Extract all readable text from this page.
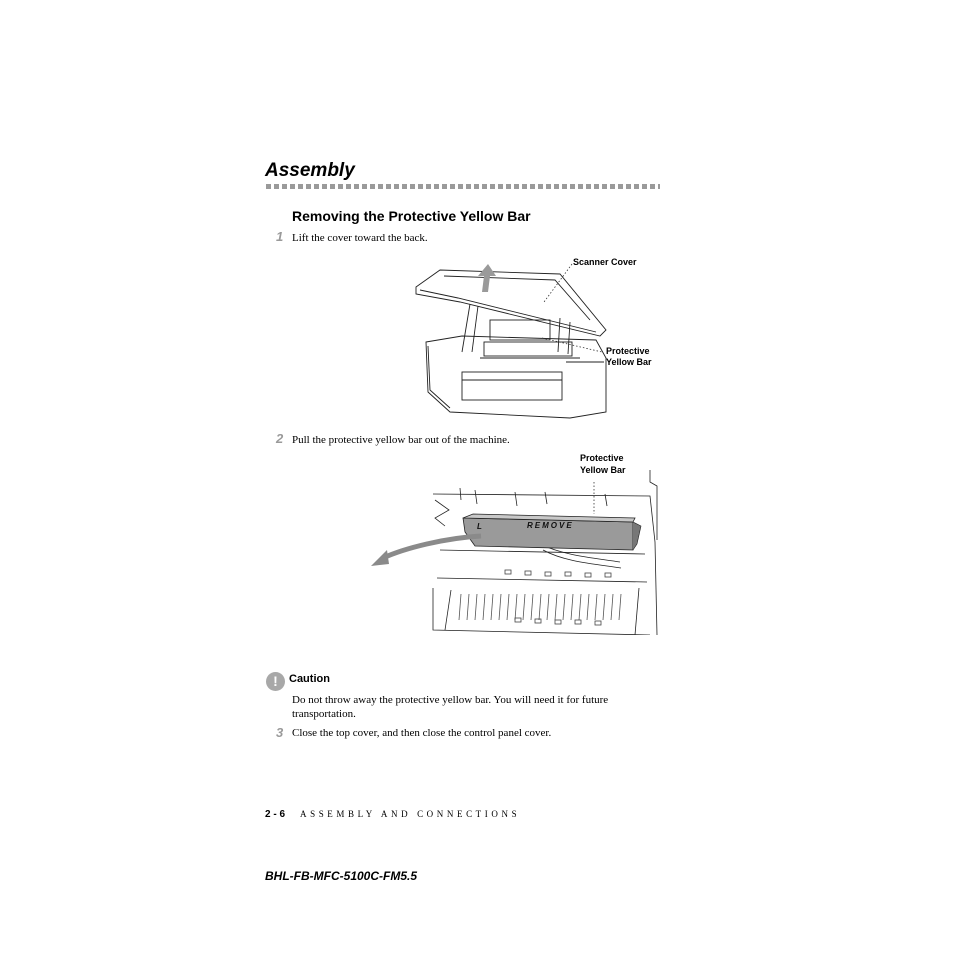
Assembly
Removing the Protective Yellow Bar
1 Lift the cover toward the back.
Scanner Cover
Protective
Yellow Bar
2 Pull the protective yellow bar out of the machine.
Protective
Yellow Bar
L	REMOVE
!	Caution
Do not throw away the protective yellow bar. You will need it for future transportation.
3 Close the top cover, and then close the control panel cover.
2 - 6 ASSEMBLY AND CONNECTIONS
BHL-FB-MFC-5100C-FM5.5
